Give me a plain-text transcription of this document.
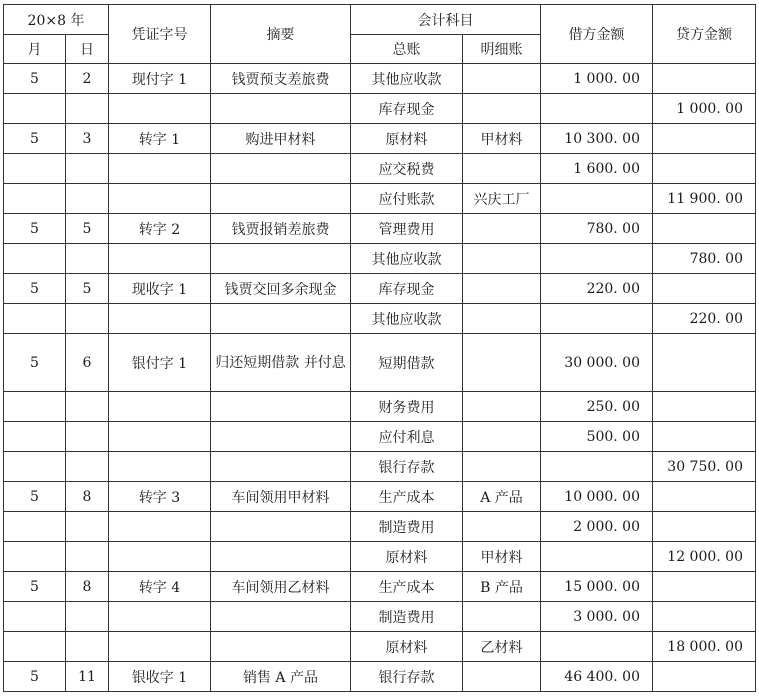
20×8 年		凭证字号	摘要	会计科目		借方金额	贷方金额
月	日			总账	明细账		
5	2	现付字 1	钱贾预支差旅费	其他应收款		1 000. 00	
				库存现金			1 000. 00
5	3	转字 1	购进甲材料	原材料	甲材料	10 300. 00	
				应交税费		1 600. 00	
				应付账款	兴庆工厂		11 900. 00
5	5	转字 2	钱贾报销差旅费	管理费用		780. 00	
				其他应收款			780. 00
5	5	现收字 1	钱贾交回多余现金	库存现金		220. 00	
				其他应收款			220. 00
5	6	银付字 1	归还短期借款 并付息	短期借款		30 000. 00	
				财务费用		250. 00	
				应付利息		500. 00	
				银行存款			30 750. 00
5	8	转字 3	车间领用甲材料	生产成本	A 产品	10 000. 00	
				制造费用		2 000. 00	
				原材料	甲材料		12 000. 00
5	8	转字 4	车间领用乙材料	生产成本	B 产品	15 000. 00	
				制造费用		3 000. 00	
				原材料	乙材料		18 000. 00
5	11	银收字 1	销售 A 产品	银行存款		46 400. 00	
